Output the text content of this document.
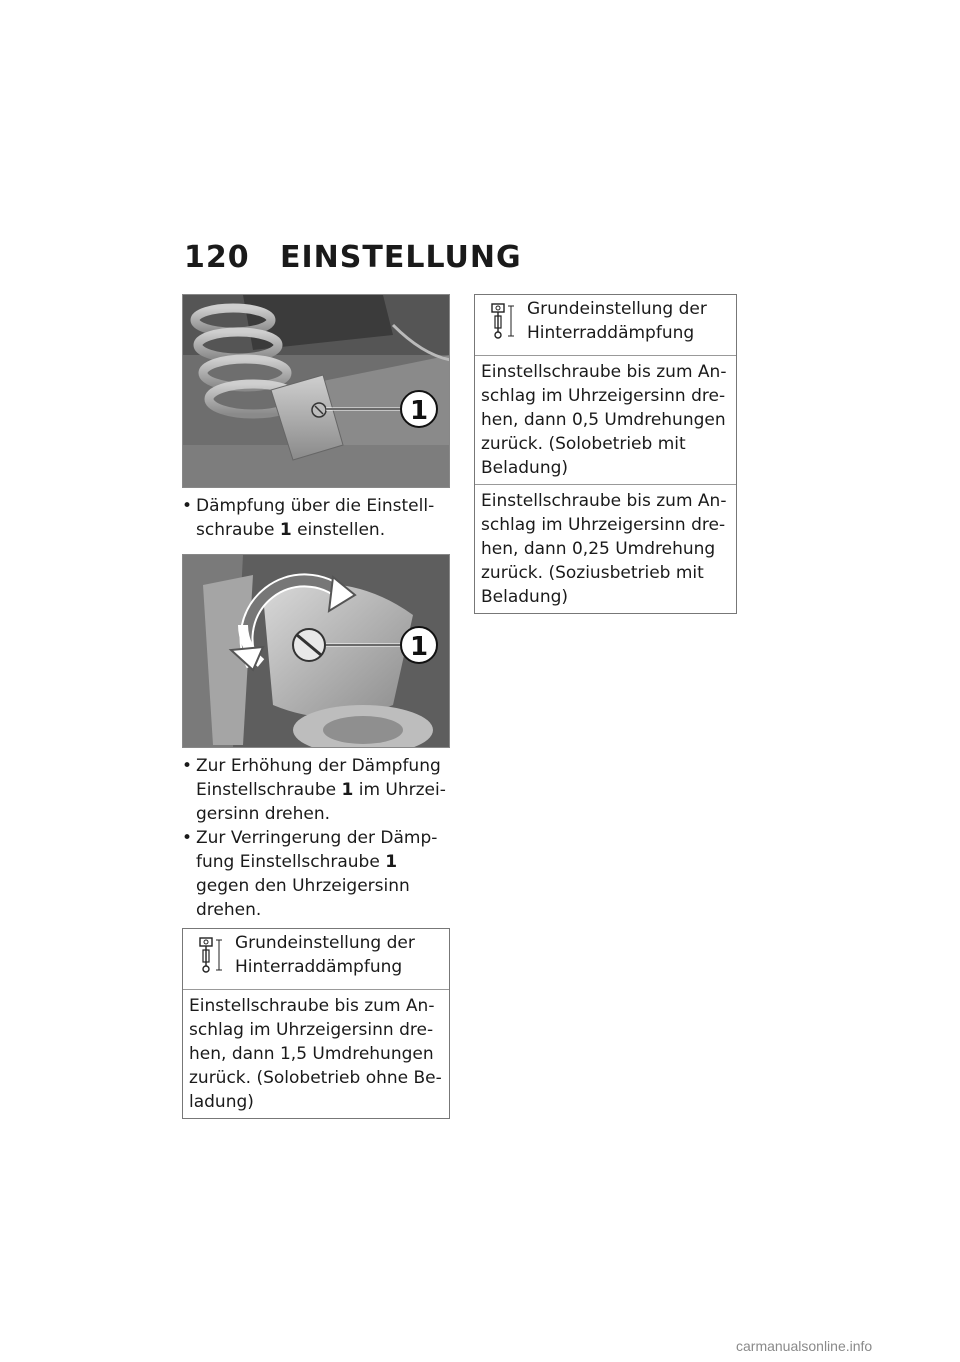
120 EINSTELLUNG
1
• Dämpfung über die Einstellschraube 1 einstellen.
1
• Zur Erhöhung der Dämpfung Einstellschraube 1 im Uhrzeigersinn drehen.
• Zur Verringerung der Dämpfung Einstellschraube 1 gegen den Uhrzeigersinn drehen.
Grundeinstellung der Hinterraddämpfung
Einstellschraube bis zum Anschlag im Uhrzeigersinn drehen, dann 1,5 Umdrehungen zurück. (Solobetrieb ohne Beladung)
Grundeinstellung der Hinterraddämpfung
Einstellschraube bis zum Anschlag im Uhrzeigersinn drehen, dann 0,5 Umdrehungen zurück. (Solobetrieb mit Beladung)
Einstellschraube bis zum Anschlag im Uhrzeigersinn drehen, dann 0,25 Umdrehung zurück. (Soziusbetrieb mit Beladung)
carmanualsonline.info
